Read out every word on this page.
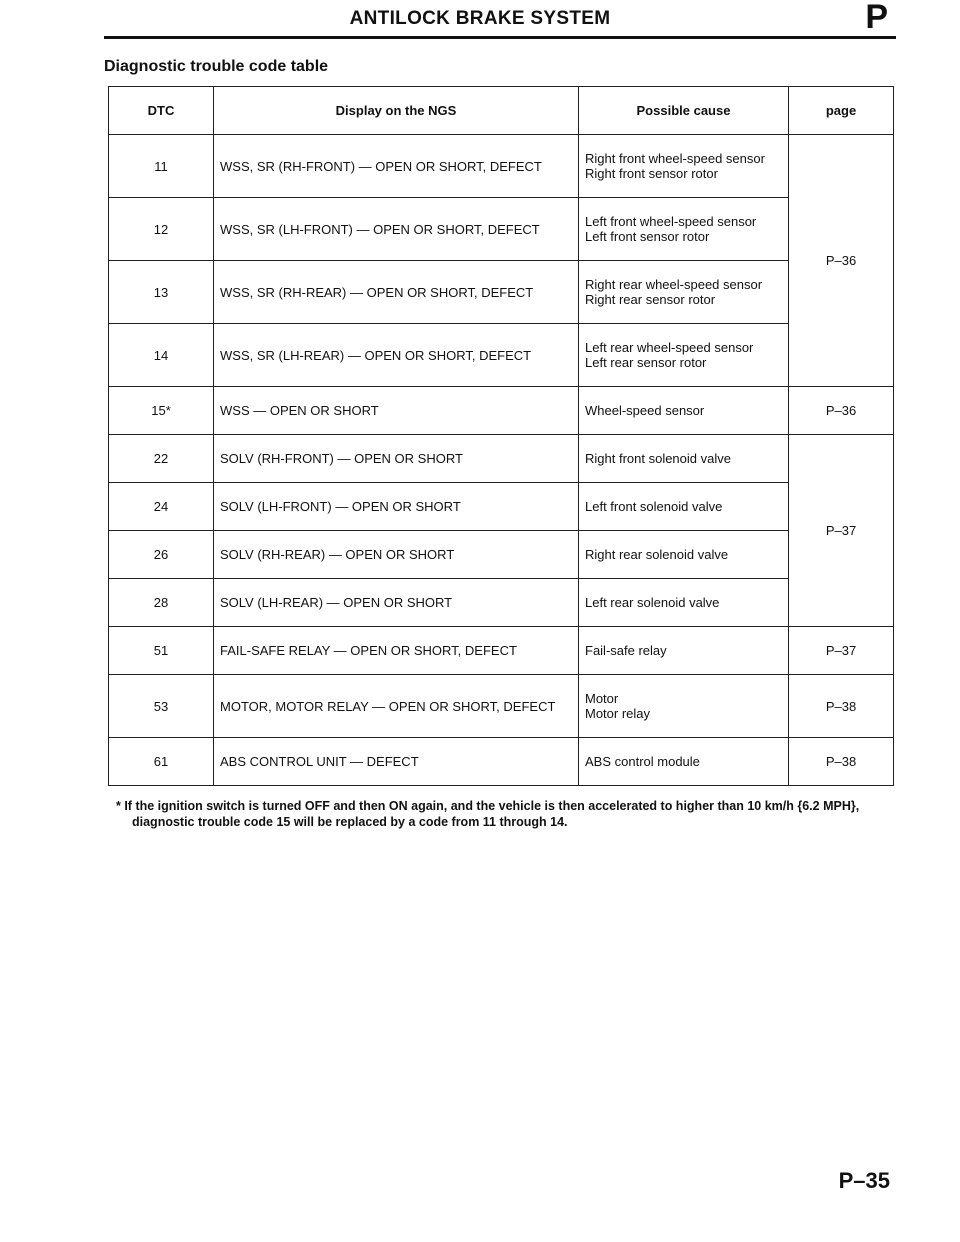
ANTILOCK BRAKE SYSTEM	P
Diagnostic trouble code table
DTC	Display on the NGS	Possible cause	page
11	WSS, SR (RH-FRONT) — OPEN OR SHORT, DEFECT	Right front wheel-speed sensor
Right front sensor rotor	P–36
12	WSS, SR (LH-FRONT) — OPEN OR SHORT, DEFECT	Left front wheel-speed sensor
Left front sensor rotor	

13	WSS, SR (RH-REAR) — OPEN OR SHORT, DEFECT	Right rear wheel-speed sensor
Right rear sensor rotor	

14	WSS, SR (LH-REAR) — OPEN OR SHORT, DEFECT	Left rear wheel-speed sensor
Left rear sensor rotor	

15*	WSS — OPEN OR SHORT	Wheel-speed sensor	P–36
22	SOLV (RH-FRONT) — OPEN OR SHORT	Right front solenoid valve	P–37
24	SOLV (LH-FRONT) — OPEN OR SHORT	Left front solenoid valve	

26	SOLV (RH-REAR) — OPEN OR SHORT	Right rear solenoid valve	

28	SOLV (LH-REAR) — OPEN OR SHORT	Left rear solenoid valve	

51	FAIL-SAFE RELAY — OPEN OR SHORT, DEFECT	Fail-safe relay	P–37
53	MOTOR, MOTOR RELAY — OPEN OR SHORT, DEFECT	Motor
Motor relay	P–38
61	ABS CONTROL UNIT — DEFECT	ABS control module	P–38
* If the ignition switch is turned OFF and then ON again, and the vehicle is then accelerated to higher than 10 km/h {6.2 MPH},
diagnostic trouble code 15 will be replaced by a code from 11 through 14.
P–35
